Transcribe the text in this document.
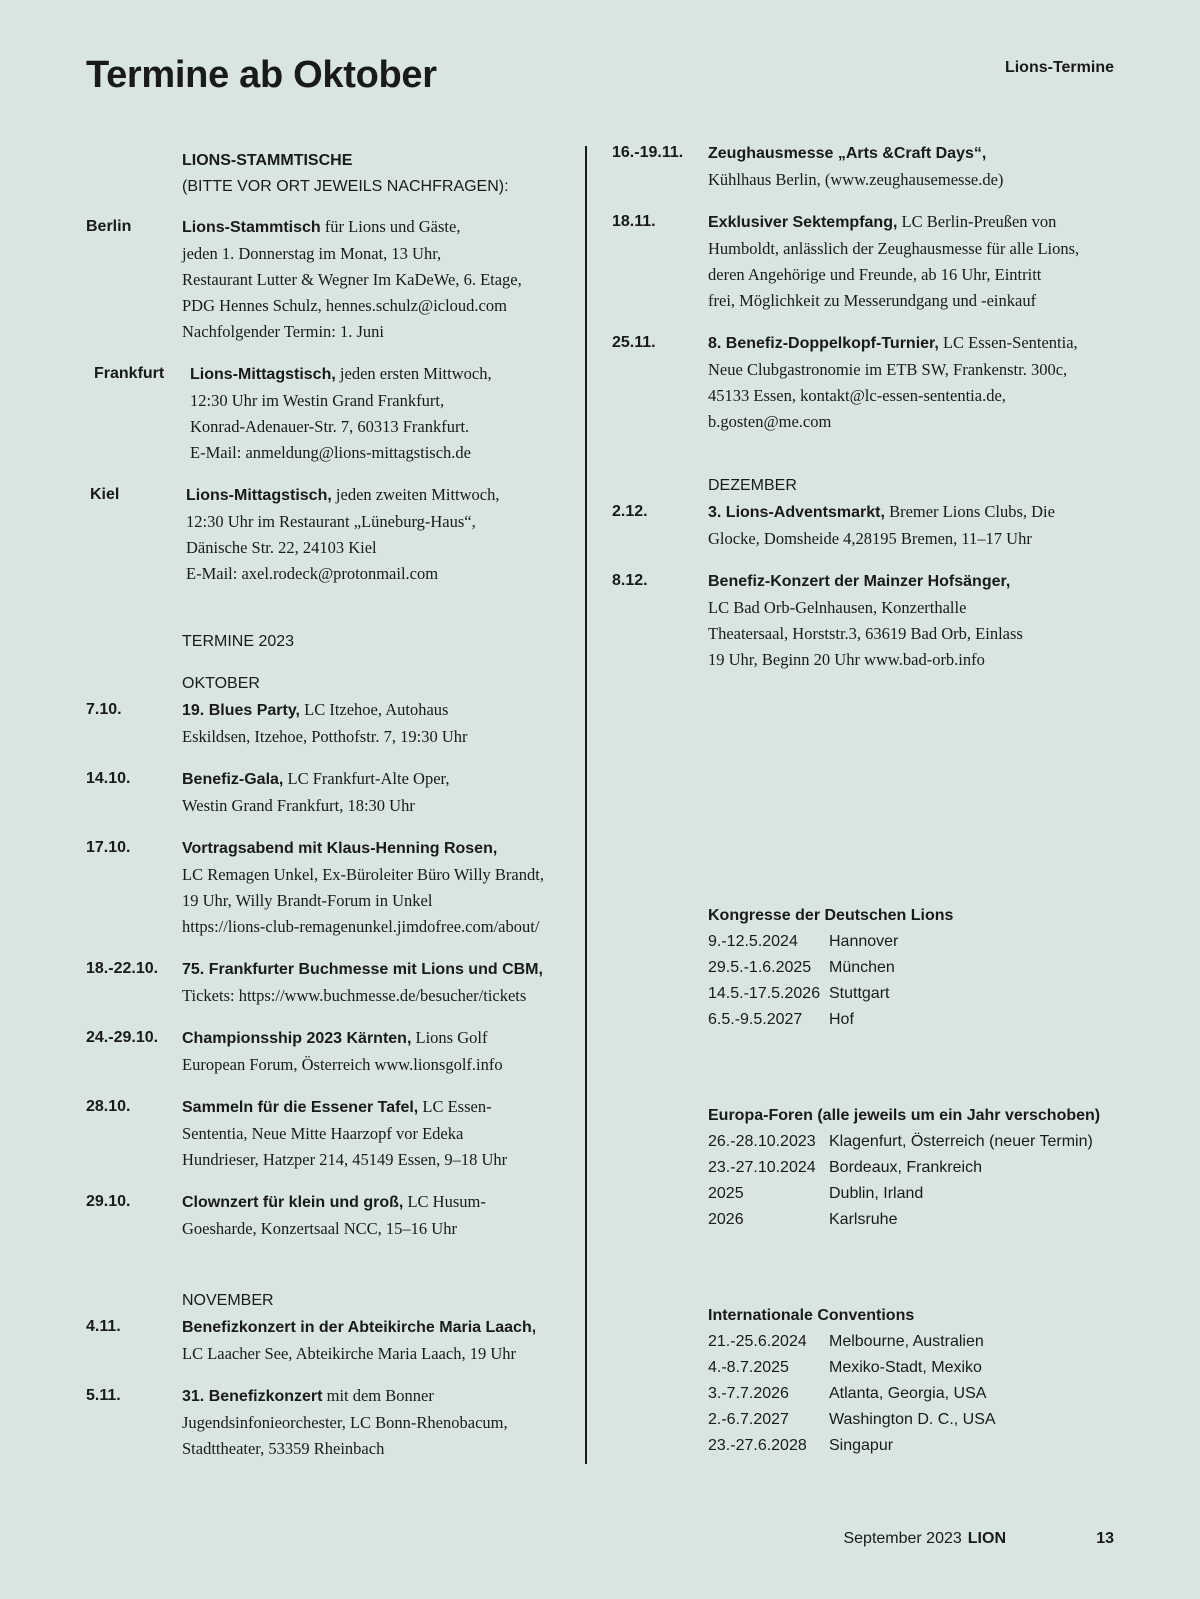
Termine ab Oktober	Lions-Termine
LIONS-STAMMTISCHE
(BITTE VOR ORT JEWEILS NACHFRAGEN):
Berlin	Lions-Stammtisch für Lions und Gäste,
jeden 1. Donnerstag im Monat, 13 Uhr,
Restaurant Lutter & Wegner Im KaDeWe, 6. Etage,
PDG Hennes Schulz, hennes.schulz@icloud.com
Nachfolgender Termin: 1. Juni
Frankfurt	Lions-Mittagstisch, jeden ersten Mittwoch,
12:30 Uhr im Westin Grand Frankfurt,
Konrad-Adenauer-Str. 7, 60313 Frankfurt.
E-Mail: anmeldung@lions-mittagstisch.de
Kiel	Lions-Mittagstisch, jeden zweiten Mittwoch,
12:30 Uhr im Restaurant „Lüneburg-Haus“,
Dänische Str. 22, 24103 Kiel
E-Mail: axel.rodeck@protonmail.com
TERMINE 2023
OKTOBER
7.10.	19. Blues Party, LC Itzehoe, Autohaus
Eskildsen, Itzehoe, Potthofstr. 7, 19:30 Uhr
14.10.	Benefiz-Gala, LC Frankfurt-Alte Oper,
Westin Grand Frankfurt, 18:30 Uhr
17.10.	Vortragsabend mit Klaus-Henning Rosen,
LC Remagen Unkel, Ex-Büroleiter Büro Willy Brandt,
19 Uhr, Willy Brandt-Forum in Unkel
https://lions-club-remagenunkel.jimdofree.com/about/
18.-22.10.	75. Frankfurter Buchmesse mit Lions und CBM,
Tickets: https://www.buchmesse.de/besucher/tickets
24.-29.10.	Championsship 2023 Kärnten, Lions Golf
European Forum, Österreich www.lionsgolf.info
28.10.	Sammeln für die Essener Tafel, LC Essen-
Sententia, Neue Mitte Haarzopf vor Edeka
Hundrieser, Hatzper 214, 45149 Essen, 9–18 Uhr
29.10.	Clownzert für klein und groß, LC Husum-
Goesharde, Konzertsaal NCC, 15–16 Uhr
NOVEMBER
4.11.	Benefizkonzert in der Abteikirche Maria Laach,
LC Laacher See, Abteikirche Maria Laach, 19 Uhr
5.11.	31. Benefizkonzert mit dem Bonner
Jugendsinfonieorchester, LC Bonn-Rhenobacum,
Stadttheater, 53359 Rheinbach
16.-19.11.	Zeughausmesse „Arts &Craft Days“,
Kühlhaus Berlin, (www.zeughausemesse.de)
18.11.	Exklusiver Sektempfang, LC Berlin-Preußen von
Humboldt, anlässlich der Zeughausmesse für alle Lions,
deren Angehörige und Freunde, ab 16 Uhr, Eintritt
frei, Möglichkeit zu Messerundgang und -einkauf
25.11.	8. Benefiz-Doppelkopf-Turnier, LC Essen-Sententia,
Neue Clubgastronomie im ETB SW, Frankenstr. 300c,
45133 Essen, kontakt@lc-essen-sententia.de,
b.gosten@me.com
DEZEMBER
2.12.	3. Lions-Adventsmarkt, Bremer Lions Clubs, Die
Glocke, Domsheide 4,28195 Bremen, 11–17 Uhr
8.12.	Benefiz-Konzert der Mainzer Hofsänger,
LC Bad Orb-Gelnhausen, Konzerthalle
Theatersaal, Horststr.3, 63619 Bad Orb, Einlass
19 Uhr, Beginn 20 Uhr www.bad-orb.info
Kongresse der Deutschen Lions
9.-12.5.2024	Hannover
29.5.-1.6.2025	München
14.5.-17.5.2026 Stuttgart
6.5.-9.5.2027	Hof
Europa-Foren (alle jeweils um ein Jahr verschoben)
26.-28.10.2023 Klagenfurt, Österreich (neuer Termin)
23.-27.10.2024 Bordeaux, Frankreich
2025	Dublin, Irland
2026	Karlsruhe
Internationale Conventions
21.-25.6.2024	Melbourne, Australien
4.-8.7.2025	Mexiko-Stadt, Mexiko
3.-7.7.2026	Atlanta, Georgia, USA
2.-6.7.2027	Washington D. C., USA
23.-27.6.2028	Singapur
September 2023 LION	13
